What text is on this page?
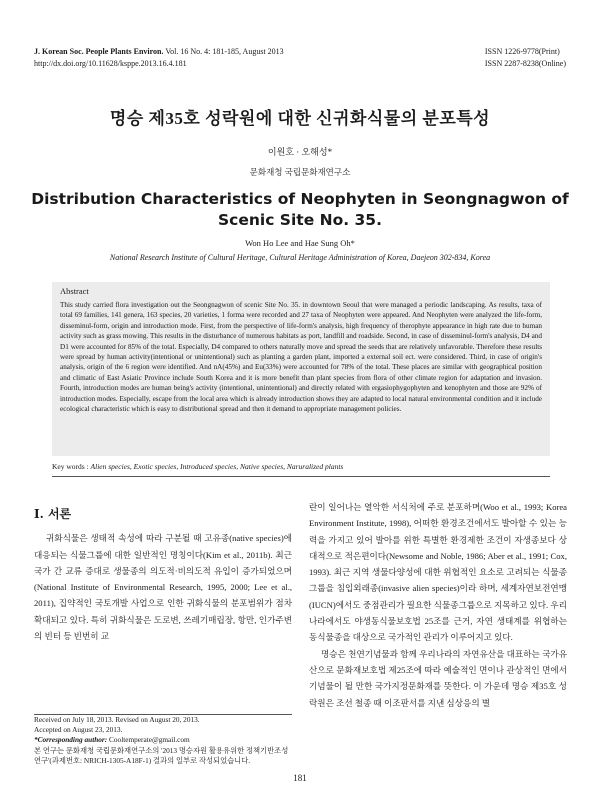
J. Korean Soc. People Plants Environ. Vol. 16 No. 4: 181-185, August 2013
http://dx.doi.org/10.11628/ksppe.2013.16.4.181
ISSN 1226-9778(Print)
ISSN 2287-8238(Online)
명승 제35호 성락원에 대한 신귀화식물의 분포특성
이원호 · 오해성*
문화재청 국립문화재연구소
Distribution Characteristics of Neophyten in Seongnagwon of Scenic Site No. 35.
Won Ho Lee and Hae Sung Oh*
National Research Institute of Cultural Heritage, Cultural Heritage Administration of Korea, Daejeon 302-834, Korea
Abstract
This study carried flora investigation out the Seongnagwon of scenic Site No. 35. in downtown Seoul that were managed a periodic landscaping. As results, taxa of total 69 families, 141 genera, 163 species, 20 varieties, 1 forma were recorded and 27 taxa of Neophyten were appeared. And Neophyten were analyzed the life-form, disseminul-form, origin and introduction mode. First, from the perspective of life-form's analysis, high frequency of therophyte appearance in high rate due to human activity such as grass mowing. This results in the disturbance of numerous habitats as port, landfill and roadside. Second, in case of disseminul-form's analysis, D4 and D1 were accounted for 85% of the total. Especially, D4 compared to others naturally move and spread the seeds that are relatively unfavorable. Therefore these results were spread by human activity(intentional or unintentional) such as planting a garden plant, imported a external soil ect. were considered. Third, in case of origin's analysis, origin of the 6 region were identified. And nA(45%) and Eu(33%) were accounted for 78% of the total. These places are similar with geographical position and climatic of East Asiatic Province include South Korea and it is more benefit than plant species from flora of other climate region for adaptation and invasion. Fourth, introduction modes are human being's activity (intentional, unintentional) and directly related with ergasiophygophyten and kenophyten and those are 92% of introduction modes. Especially, escape from the local area which is already introduction shows they are adapted to local natural environmental condition and it include ecological characteristic which is easy to distributional spread and then it demand to appropriate management policies.
Key words : Alien species, Exotic species, Introduced species, Native species, Naruralized plants
I. 서론
귀화식물은 생태적 속성에 따라 구분될 때 고유종(native species)에 대응되는 식물그룹에 대한 일반적인 명칭이다(Kim et al., 2011b). 최근 국가 간 교류 증대로 생물종의 의도적·비의도적 유입이 증가되었으며(National Institute of Environmental Research, 1995, 2000; Lee et al., 2011), 집약적인 국토개발 사업으로 인한 귀화식물의 분포범위가 점차 확대되고 있다. 특히 귀화식물은 도로변, 쓰레기매립장, 항만, 인가주변의 빈터 등 빈번히 교
란이 일어나는 열악한 서식처에 주로 분포하며(Woo et al., 1993; Korea Environment Institute, 1998), 어떠한 환경조건에서도 발아할 수 있는 능력을 가지고 있어 발아를 위한 특별한 환경제한 조건이 자생종보다 상대적으로 적은편이다(Newsome and Noble, 1986; Aber et al., 1991; Cox, 1993). 최근 지역 생물다양성에 대한 위협적인 요소로 고려되는 식물종그룹을 침입외래종(invasive alien species)이라 하며, 세계자연보전연맹(IUCN)에서도 중점관리가 필요한 식물종그룹으로 지목하고 있다. 우리나라에서도 야생동식물보호법 25조를 근거, 자연 생태계를 위협하는 동식물종을 대상으로 국가적인 관리가 이루어지고 있다.
명승은 천연기념물과 함께 우리나라의 자연유산을 대표하는 국가유산으로 문화재보호법 제25조에 따라 예술적인 면이나 관상적인 면에서 기념물이 될 만한 국가지정문화재를 뜻한다. 이 가운데 명승 제35호 성락원은 조선 철종 때 이조판서를 지낸 심상응의 별
Received on July 18, 2013. Revised on August 20, 2013.
Accepted on August 23, 2013.
*Corresponding author: Cooltemperate@gmail.com
본 연구는 문화재청 국립문화재연구소의 '2013 명승자원 활용유위한 정책기반조성연구'(과제번호: NRICH-1305-A18F-1) 결과의 일부로 작성되었습니다.
181
